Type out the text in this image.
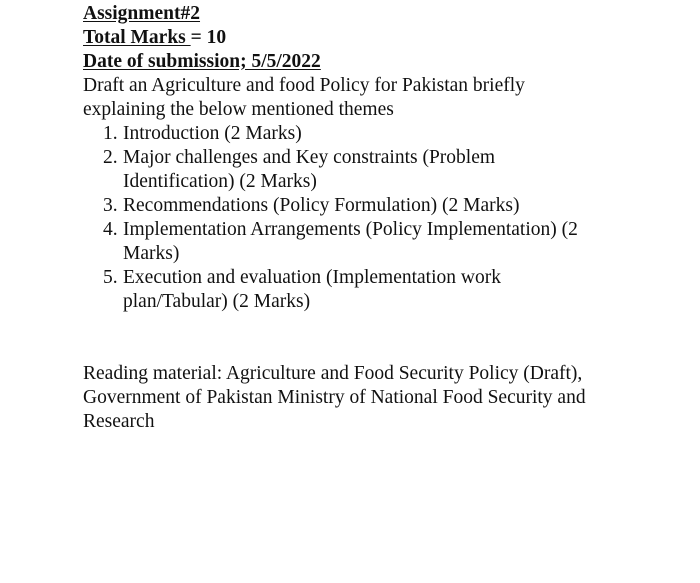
Assignment#2
Total Marks = 10
Date of submission; 5/5/2022
Draft an Agriculture and food Policy for Pakistan briefly
explaining the below mentioned themes
1. Introduction (2 Marks)
2. Major challenges and Key constraints (Problem
Identification) (2 Marks)
3. Recommendations (Policy Formulation) (2 Marks)
4. Implementation Arrangements (Policy Implementation) (2
Marks)
5. Execution and evaluation (Implementation work
plan/Tabular) (2 Marks)
Reading material: Agriculture and Food Security Policy (Draft),
Government of Pakistan Ministry of National Food Security and
Research
